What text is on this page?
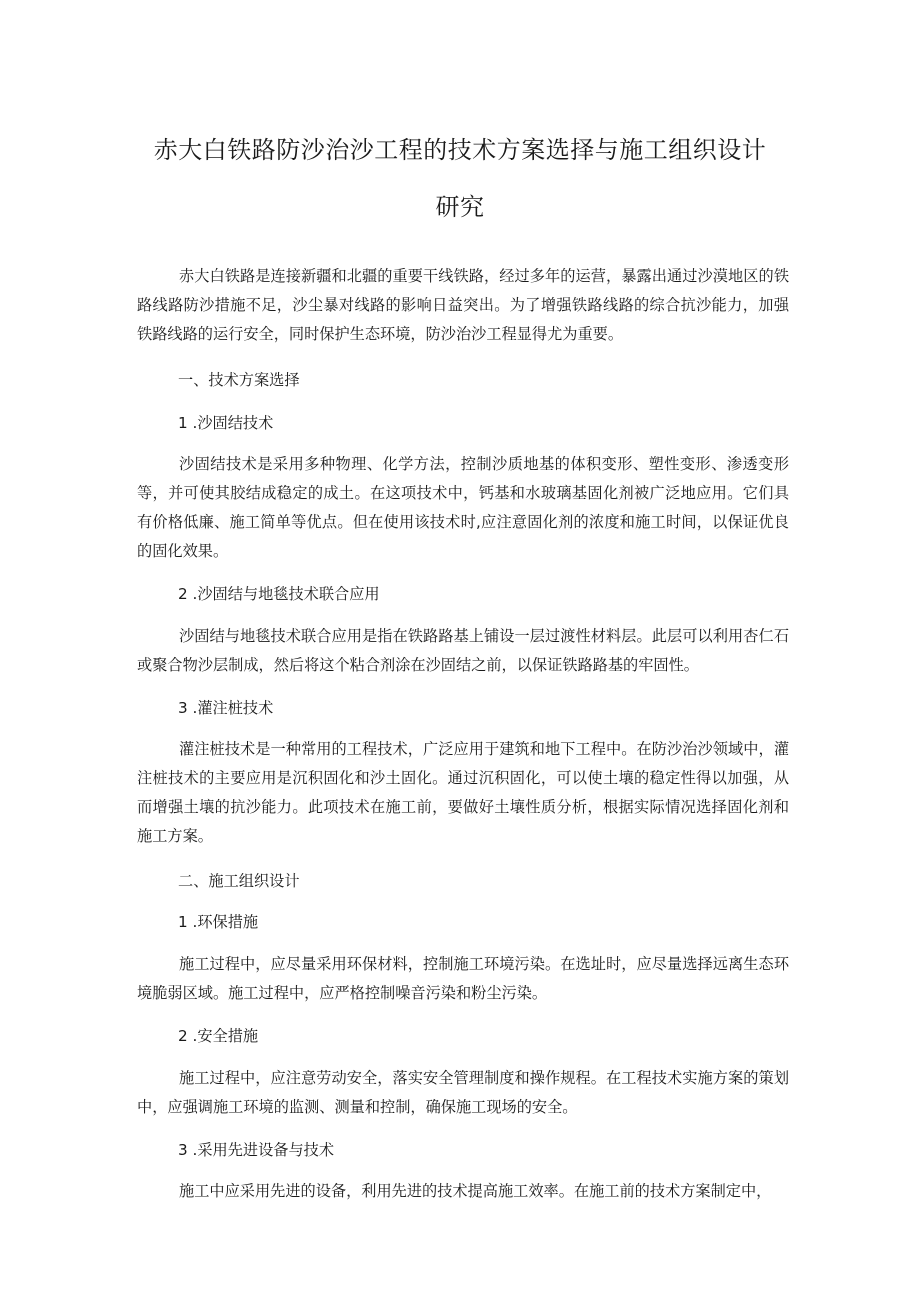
赤大白铁路防沙治沙工程的技术方案选择与施工组织设计
研究

赤大白铁路是连接新疆和北疆的重要干线铁路，经过多年的运营，暴露出通过沙漠地区的铁路线路防沙措施不足，沙尘暴对线路的影响日益突出。为了增强铁路线路的综合抗沙能力，加强铁路线路的运行安全，同时保护生态环境，防沙治沙工程显得尤为重要。

一、技术方案选择

1 .沙固结技术

沙固结技术是采用多种物理、化学方法，控制沙质地基的体积变形、塑性变形、渗透变形等，并可使其胶结成稳定的成土。在这项技术中，钙基和水玻璃基固化剂被广泛地应用。它们具有价格低廉、施工简单等优点。但在使用该技术时,应注意固化剂的浓度和施工时间，以保证优良的固化效果。

2 .沙固结与地毯技术联合应用

沙固结与地毯技术联合应用是指在铁路路基上铺设一层过渡性材料层。此层可以利用杏仁石或聚合物沙层制成，然后将这个粘合剂涂在沙固结之前，以保证铁路路基的牢固性。

3 .灌注桩技术

灌注桩技术是一种常用的工程技术，广泛应用于建筑和地下工程中。在防沙治沙领域中，灌注桩技术的主要应用是沉积固化和沙土固化。通过沉积固化，可以使土壤的稳定性得以加强，从而增强土壤的抗沙能力。此项技术在施工前，要做好土壤性质分析，根据实际情况选择固化剂和施工方案。

二、施工组织设计

1 .环保措施

施工过程中，应尽量采用环保材料，控制施工环境污染。在选址时，应尽量选择远离生态环境脆弱区域。施工过程中，应严格控制噪音污染和粉尘污染。

2 .安全措施

施工过程中，应注意劳动安全，落实安全管理制度和操作规程。在工程技术实施方案的策划中，应强调施工环境的监测、测量和控制，确保施工现场的安全。

3 .采用先进设备与技术

施工中应采用先进的设备，利用先进的技术提高施工效率。在施工前的技术方案制定中，
